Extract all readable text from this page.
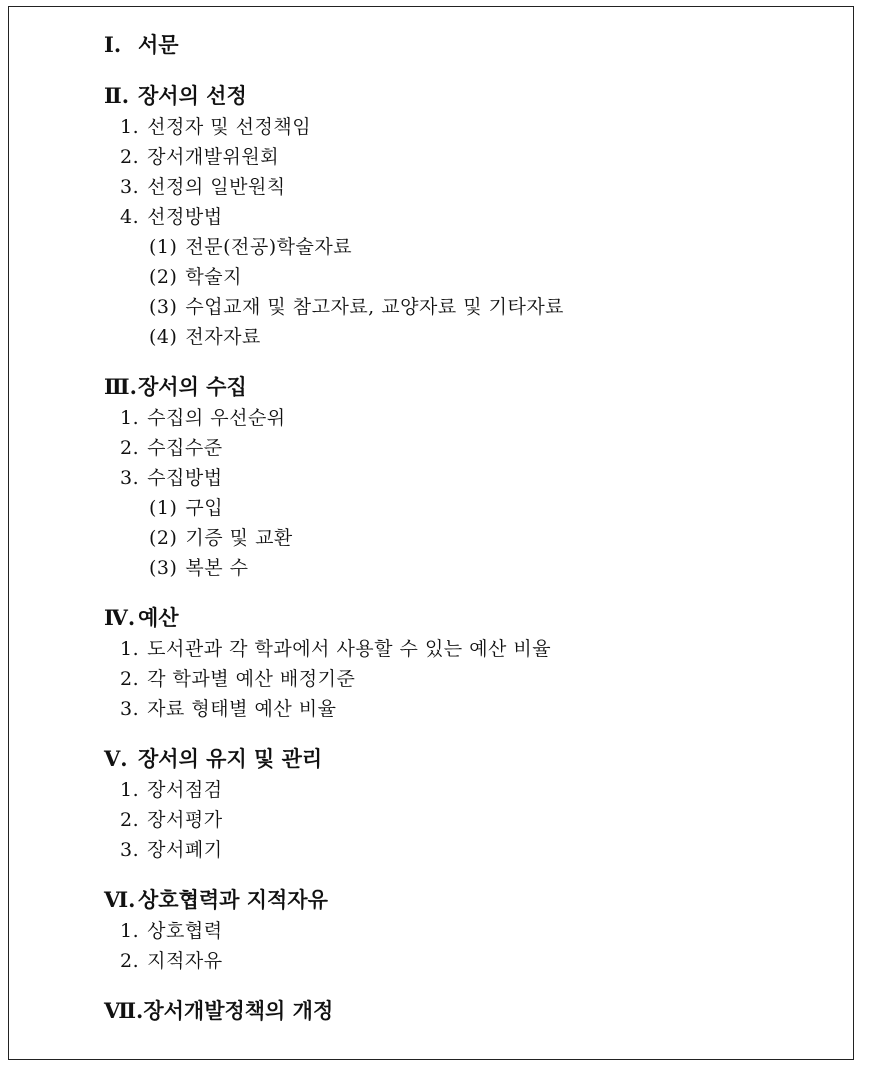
Ⅰ. 서문
Ⅱ. 장서의 선정
1. 선정자 및 선정책임
2. 장서개발위원회
3. 선정의 일반원칙
4. 선정방법
(1) 전문(전공)학술자료
(2) 학술지
(3) 수업교재 및 참고자료, 교양자료 및 기타자료
(4) 전자자료
Ⅲ.장서의 수집
1. 수집의 우선순위
2. 수집수준
3. 수집방법
(1) 구입
(2) 기증 및 교환
(3) 복본 수
Ⅳ. 예산
1. 도서관과 각 학과에서 사용할 수 있는 예산 비율
2. 각 학과별 예산 배정기준
3. 자료 형태별 예산 비율
Ⅴ. 장서의 유지 및 관리
1. 장서점검
2. 장서평가
3. 장서폐기
Ⅵ. 상호협력과 지적자유
1. 상호협력
2. 지적자유
Ⅶ.장서개발정책의 개정
